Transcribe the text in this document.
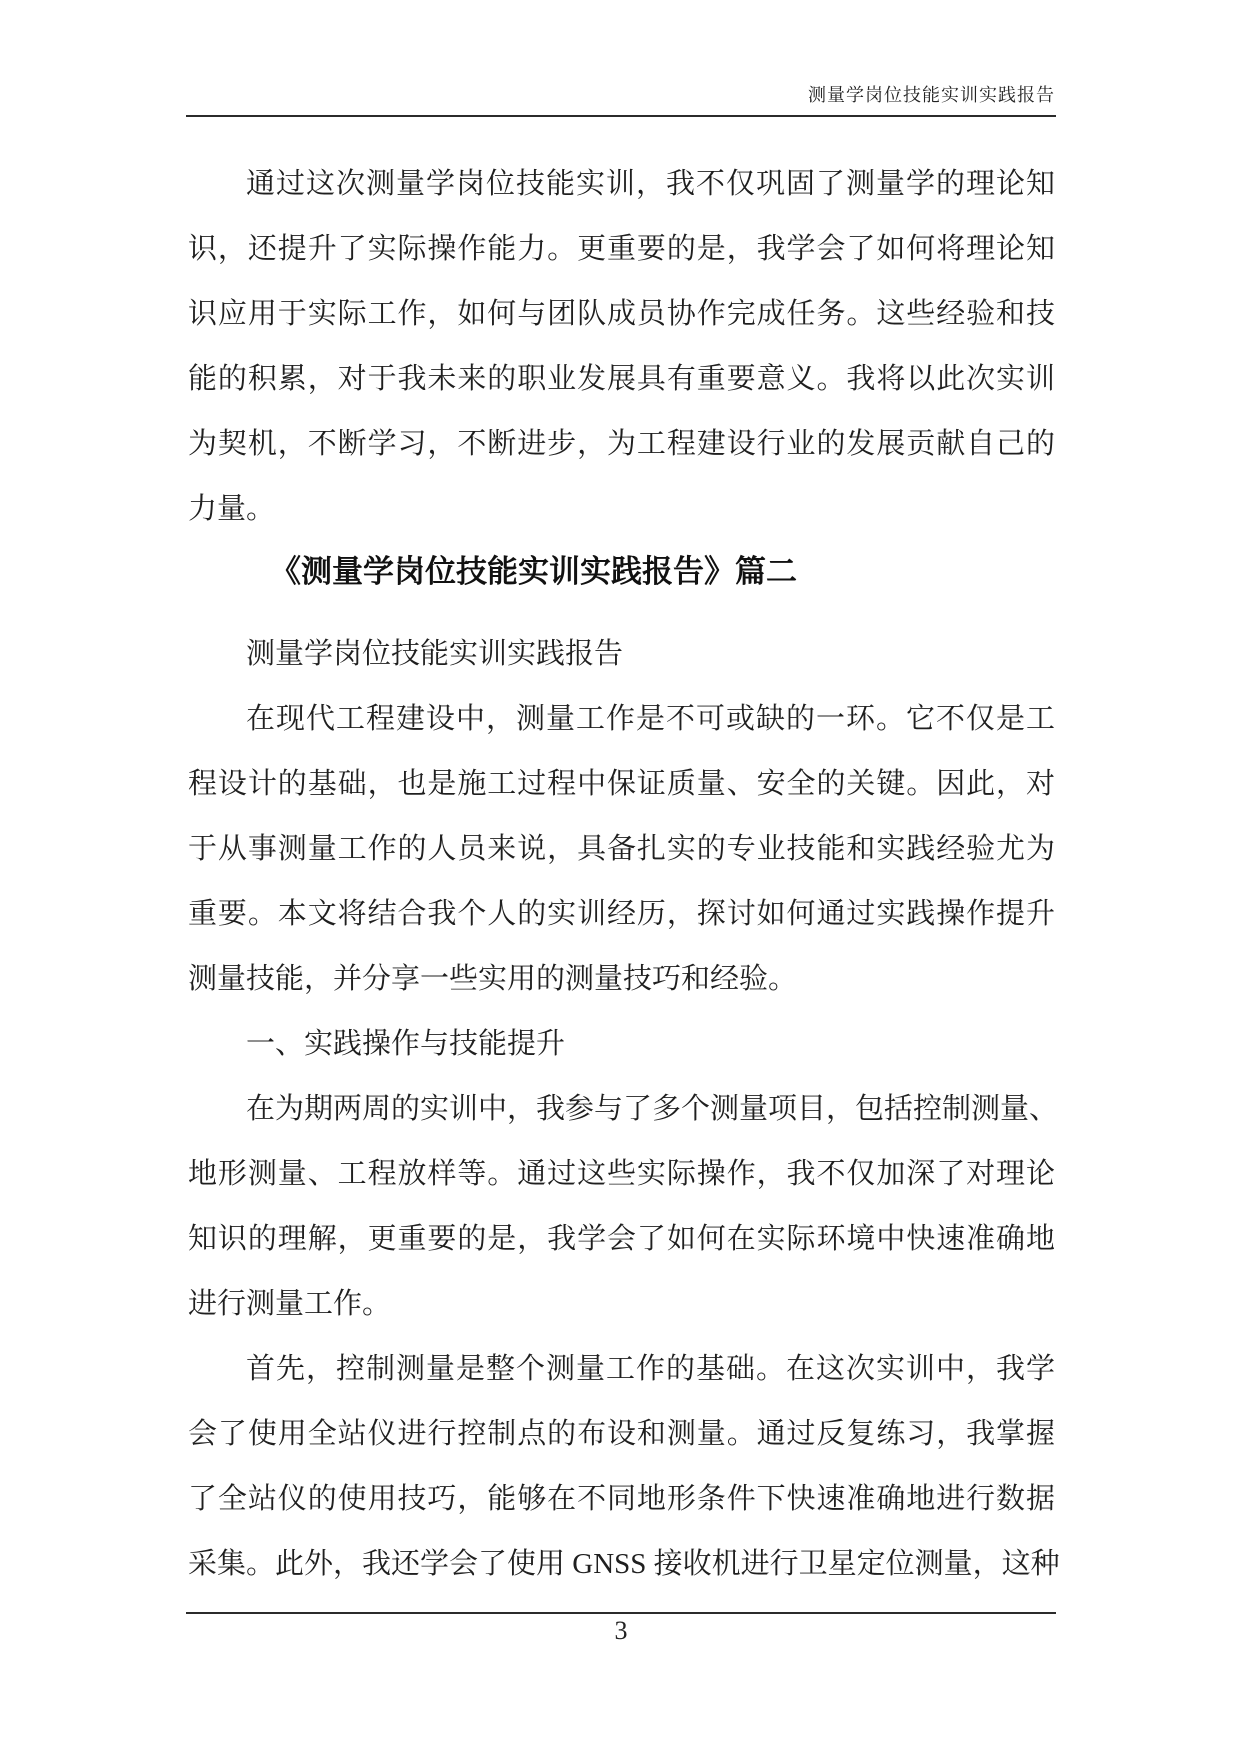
测量学岗位技能实训实践报告
通过这次测量学岗位技能实训，我不仅巩固了测量学的理论知
识，还提升了实际操作能力。更重要的是，我学会了如何将理论知
识应用于实际工作，如何与团队成员协作完成任务。这些经验和技
能的积累，对于我未来的职业发展具有重要意义。我将以此次实训
为契机，不断学习，不断进步，为工程建设行业的发展贡献自己的
力量。
《测量学岗位技能实训实践报告》篇二
测量学岗位技能实训实践报告
在现代工程建设中，测量工作是不可或缺的一环。它不仅是工
程设计的基础，也是施工过程中保证质量、安全的关键。因此，对
于从事测量工作的人员来说，具备扎实的专业技能和实践经验尤为
重要。本文将结合我个人的实训经历，探讨如何通过实践操作提升
测量技能，并分享一些实用的测量技巧和经验。
一、实践操作与技能提升
在为期两周的实训中，我参与了多个测量项目，包括控制测量、
地形测量、工程放样等。通过这些实际操作，我不仅加深了对理论
知识的理解，更重要的是，我学会了如何在实际环境中快速准确地
进行测量工作。
首先，控制测量是整个测量工作的基础。在这次实训中，我学
会了使用全站仪进行控制点的布设和测量。通过反复练习，我掌握
了全站仪的使用技巧，能够在不同地形条件下快速准确地进行数据
采集。此外，我还学会了使用 GNSS 接收机进行卫星定位测量，这种
3
